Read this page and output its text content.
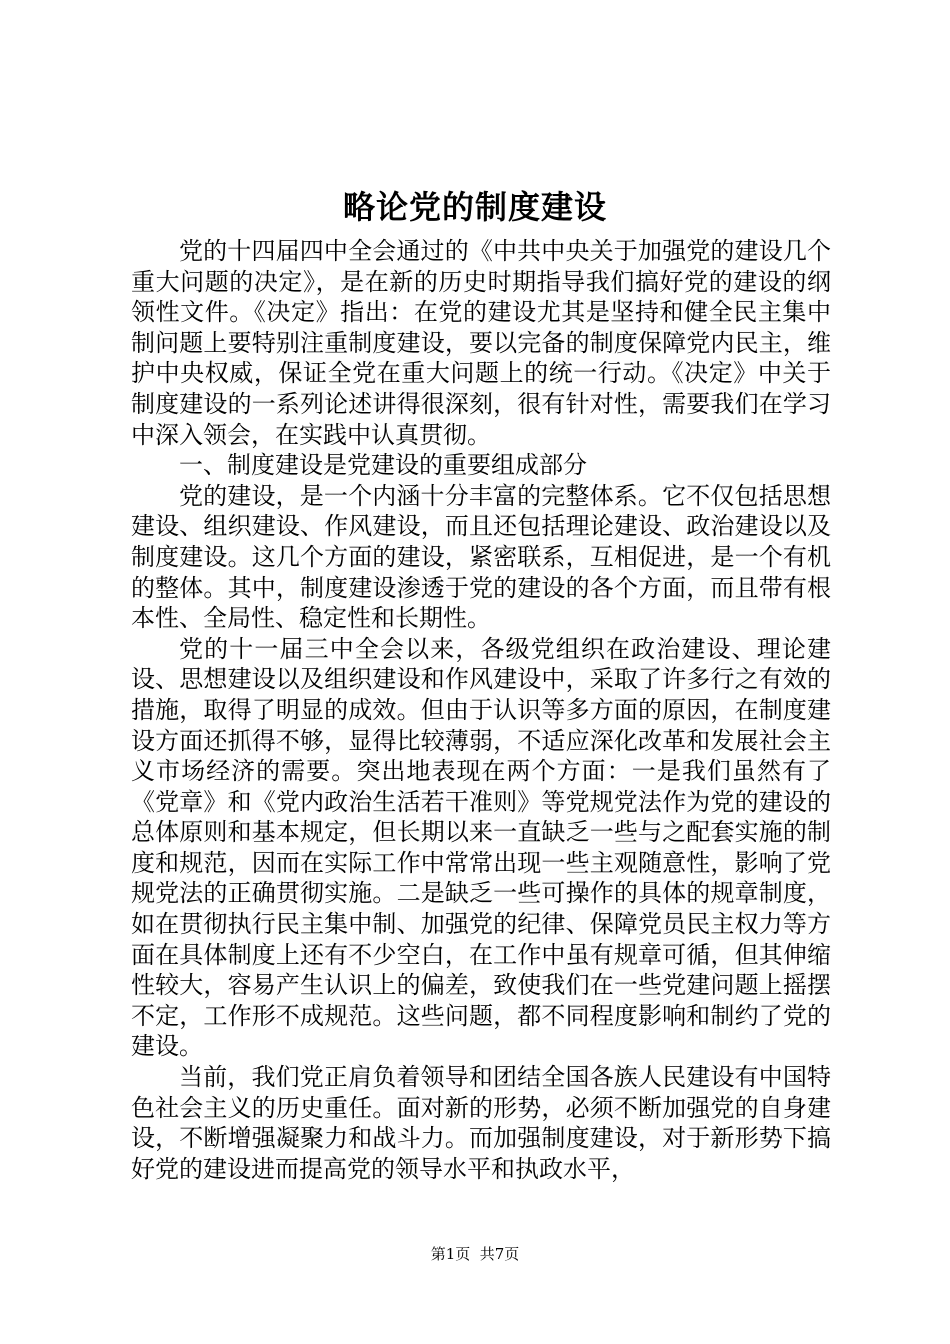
略论党的制度建设

党的十四届四中全会通过的《中共中央关于加强党的建设几个重大问题的决定》，是在新的历史时期指导我们搞好党的建设的纲领性文件。《决定》指出：在党的建设尤其是坚持和健全民主集中制问题上要特别注重制度建设，要以完备的制度保障党内民主，维护中央权威，保证全党在重大问题上的统一行动。《决定》中关于制度建设的一系列论述讲得很深刻，很有针对性，需要我们在学习中深入领会，在实践中认真贯彻。

一、制度建设是党建设的重要组成部分

党的建设，是一个内涵十分丰富的完整体系。它不仅包括思想建设、组织建设、作风建设，而且还包括理论建设、政治建设以及制度建设。这几个方面的建设，紧密联系，互相促进，是一个有机的整体。其中，制度建设渗透于党的建设的各个方面，而且带有根本性、全局性、稳定性和长期性。

党的十一届三中全会以来，各级党组织在政治建设、理论建设、思想建设以及组织建设和作风建设中，采取了许多行之有效的措施，取得了明显的成效。但由于认识等多方面的原因，在制度建设方面还抓得不够，显得比较薄弱，不适应深化改革和发展社会主义市场经济的需要。突出地表现在两个方面：一是我们虽然有了《党章》和《党内政治生活若干准则》等党规党法作为党的建设的总体原则和基本规定，但长期以来一直缺乏一些与之配套实施的制度和规范，因而在实际工作中常常出现一些主观随意性，影响了党规党法的正确贯彻实施。二是缺乏一些可操作的具体的规章制度，如在贯彻执行民主集中制、加强党的纪律、保障党员民主权力等方面在具体制度上还有不少空白，在工作中虽有规章可循，但其伸缩性较大，容易产生认识上的偏差，致使我们在一些党建问题上摇摆不定，工作形不成规范。这些问题，都不同程度影响和制约了党的建设。

当前，我们党正肩负着领导和团结全国各族人民建设有中国特色社会主义的历史重任。面对新的形势，必须不断加强党的自身建设，不断增强凝聚力和战斗力。而加强制度建设，对于新形势下搞好党的建设进而提高党的领导水平和执政水平，

第1页  共7页
